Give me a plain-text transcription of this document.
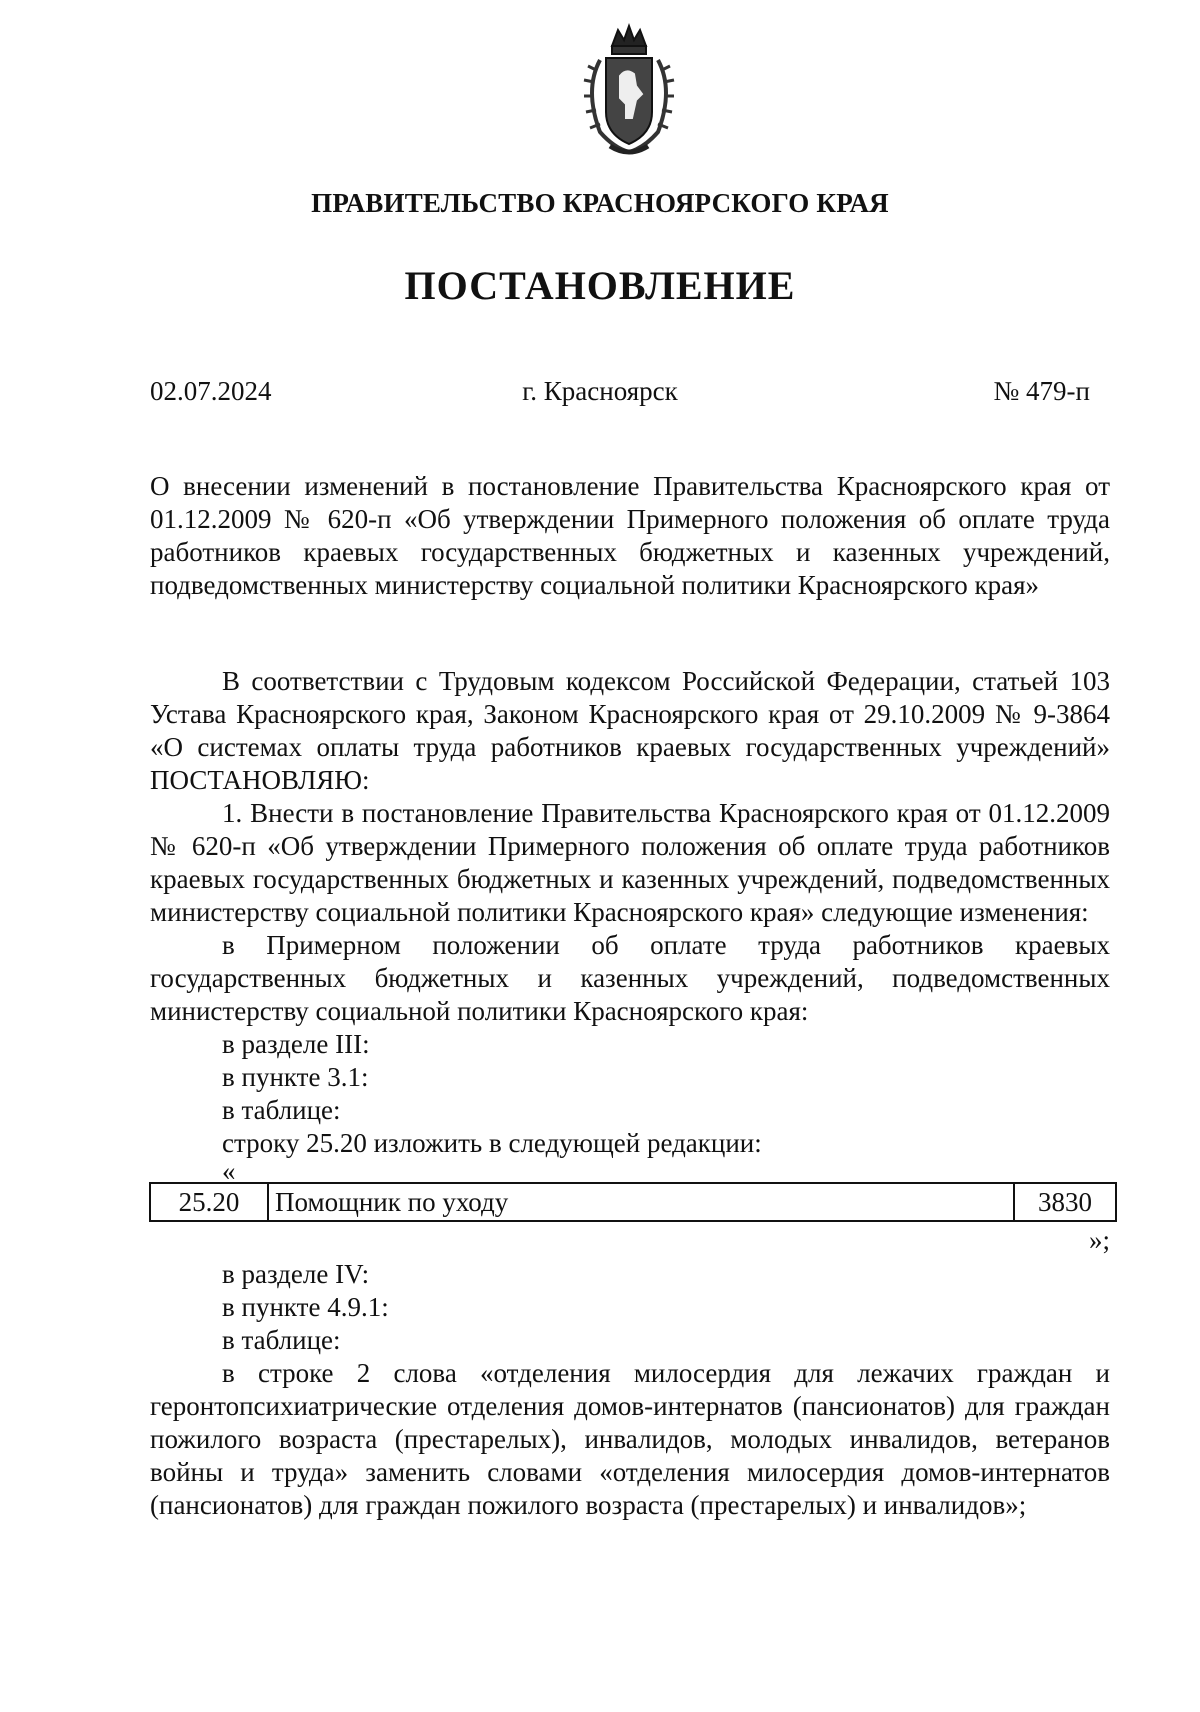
ПРАВИТЕЛЬСТВО КРАСНОЯРСКОГО КРАЯ
ПОСТАНОВЛЕНИЕ
02.07.2024	г. Красноярск	№ 479-п
О внесении изменений в постановление Правительства Красноярского края от 01.12.2009 № 620-п «Об утверждении Примерного положения об оплате труда работников краевых государственных бюджетных и казенных учреждений, подведомственных министерству социальной политики Красноярского края»

В соответствии с Трудовым кодексом Российской Федерации, статьей 103 Устава Красноярского края, Законом Красноярского края от 29.10.2009 № 9-3864 «О системах оплаты труда работников краевых государственных учреждений» ПОСТАНОВЛЯЮ:

1. Внести в постановление Правительства Красноярского края от 01.12.2009 № 620-п «Об утверждении Примерного положения об оплате труда работников краевых государственных бюджетных и казенных учреждений, подведомственных министерству социальной политики Красноярского края» следующие изменения:

в Примерном положении об оплате труда работников краевых государственных бюджетных и казенных учреждений, подведомственных министерству социальной политики Красноярского края:

в разделе III:

в пункте 3.1:

в таблице:

строку 25.20 изложить в следующей редакции:

«

25.20	Помощник по уходу	3830

»;

в разделе IV:

в пункте 4.9.1:

в таблице:

в строке 2 слова «отделения милосердия для лежачих граждан и геронтопсихиатрические отделения домов-интернатов (пансионатов) для граждан пожилого возраста (престарелых), инвалидов, молодых инвалидов, ветеранов войны и труда» заменить словами «отделения милосердия домов-интернатов (пансионатов) для граждан пожилого возраста (престарелых) и инвалидов»;
